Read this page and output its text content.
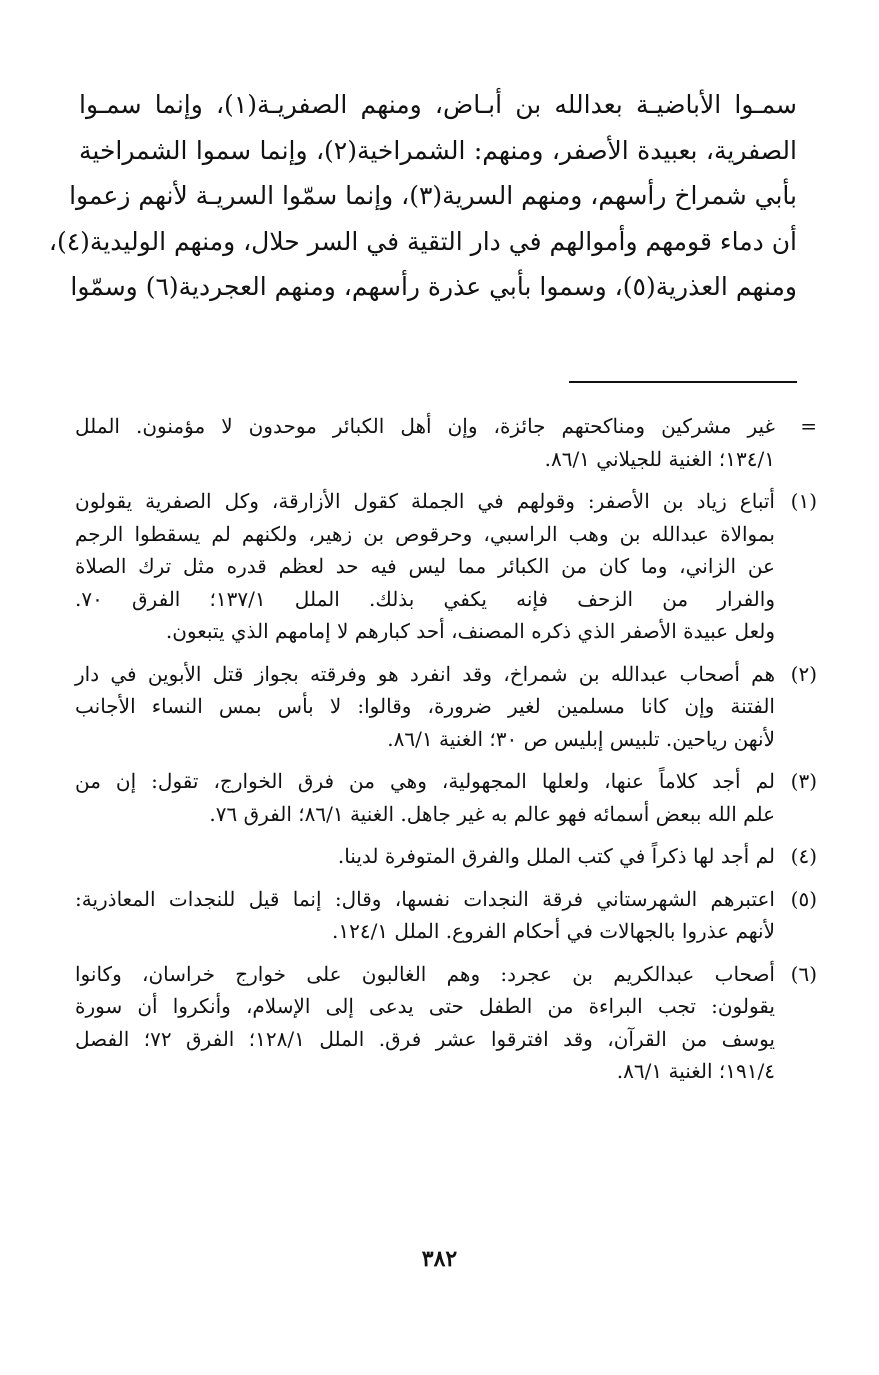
سمـوا الأباضيـة بعدالله بن أبـاض، ومنهم الصفريـة(١)، وإنما سمـوا
الصفرية، بعبيدة الأصفر، ومنهم: الشمراخية(٢)، وإنما سموا الشمراخية
بأبي شمراخ رأسهم، ومنهم السرية(٣)، وإنما سمّوا السريـة لأنهم زعموا
أن دماء قومهم وأموالهم في دار التقية في السر حلال، ومنهم الوليدية(٤)،
ومنهم العذرية(٥)، وسموا بأبي عذرة رأسهم، ومنهم العجردية(٦) وسمّوا
=
غير مشركين ومناكحتهم جائزة، وإن أهل الكبائر موحدون لا مؤمنون. الملل
١٣٤/١؛ الغنية للجيلاني ٨٦/١.
(١)
أتباع زياد بن الأصفر: وقولهم في الجملة كقول الأزارقة، وكل الصفرية يقولون
بموالاة عبدالله بن وهب الراسبي، وحرقوص بن زهير، ولكنهم لم يسقطوا الرجم
عن الزاني، وما كان من الكبائر مما ليس فيه حد لعظم قدره مثل ترك الصلاة
والفرار من الزحف فإنه يكفي بذلك. الملل ١٣٧/١؛ الفرق ٧٠.
ولعل عبيدة الأصفر الذي ذكره المصنف، أحد كبارهم لا إمامهم الذي يتبعون.
(٢)
هم أصحاب عبدالله بن شمراخ، وقد انفرد هو وفرقته بجواز قتل الأبوين في دار
الفتنة وإن كانا مسلمين لغير ضرورة، وقالوا: لا بأس بمس النساء الأجانب
لأنهن رياحين. تلبيس إبليس ص ٣٠؛ الغنية ٨٦/١.
(٣)
لم أجد كلاماً عنها، ولعلها المجهولية، وهي من فرق الخوارج، تقول: إن من
علم الله ببعض أسمائه فهو عالم به غير جاهل. الغنية ٨٦/١؛ الفرق ٧٦.
(٤)
لم أجد لها ذكراً في كتب الملل والفرق المتوفرة لدينا.
(٥)
اعتبرهم الشهرستاني فرقة النجدات نفسها، وقال: إنما قيل للنجدات المعاذرية:
لأنهم عذروا بالجهالات في أحكام الفروع. الملل ١٢٤/١.
(٦)
أصحاب عبدالكريم بن عجرد: وهم الغالبون على خوارج خراسان، وكانوا
يقولون: تجب البراءة من الطفل حتى يدعى إلى الإسلام، وأنكروا أن سورة
يوسف من القرآن، وقد افترقوا عشر فرق. الملل ١٢٨/١؛ الفرق ٧٢؛ الفصل
١٩١/٤؛ الغنية ٨٦/١.
٣٨٢
